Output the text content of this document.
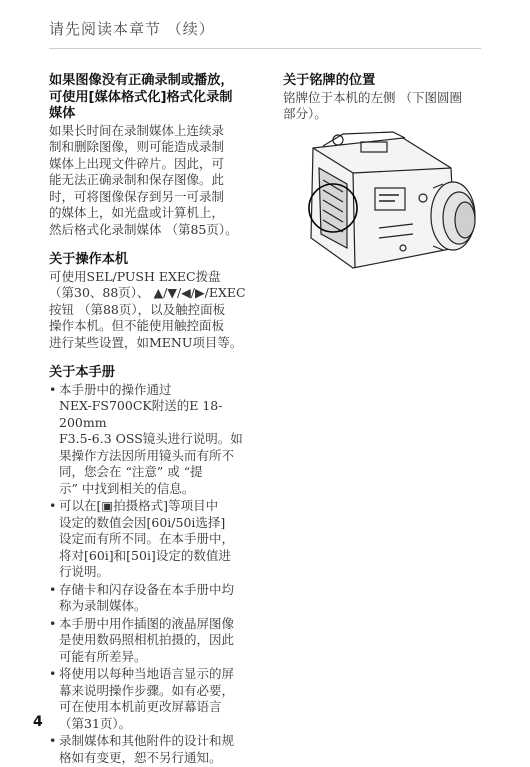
请先阅读本章节 （续）
如果图像没有正确录制或播放，
可使用[媒体格式化]格式化录制
媒体
如果长时间在录制媒体上连续录
制和删除图像，则可能造成录制
媒体上出现文件碎片。因此，可
能无法正确录制和保存图像。此
时，可将图像保存到另一可录制
的媒体上，如光盘或计算机上，
然后格式化录制媒体 （第85页）。
关于操作本机
可使用SEL/PUSH EXEC拨盘
（第30、88页）、 ▲/▼/◀/▶/EXEC
按钮 （第88页），以及触控面板
操作本机。但不能使用触控面板
进行某些设置，如MENU项目等。
关于本手册
• 本手册中的操作通过
NEX-FS700CK附送的E 18-200mm
F3.5-6.3 OSS镜头进行说明。如
果操作方法因所用镜头而有所不
同，您会在 “注意” 或 “提
示” 中找到相关的信息。
• 可以在[▣拍摄格式]等项目中
设定的数值会因[60i/50i选择]
设定而有所不同。在本手册中，
将对[60i]和[50i]设定的数值进
行说明。
• 存储卡和闪存设备在本手册中均
称为录制媒体。
• 本手册中用作插图的液晶屏图像
是使用数码照相机拍摄的，因此
可能有所差异。
• 将使用以每种当地语言显示的屏
幕来说明操作步骤。如有必要，
可在使用本机前更改屏幕语言
（第31页）。
• 录制媒体和其他附件的设计和规
格如有变更，恕不另行通知。
关于铭牌的位置
铭牌位于本机的左侧 （下图圆圈
部分）。
4
